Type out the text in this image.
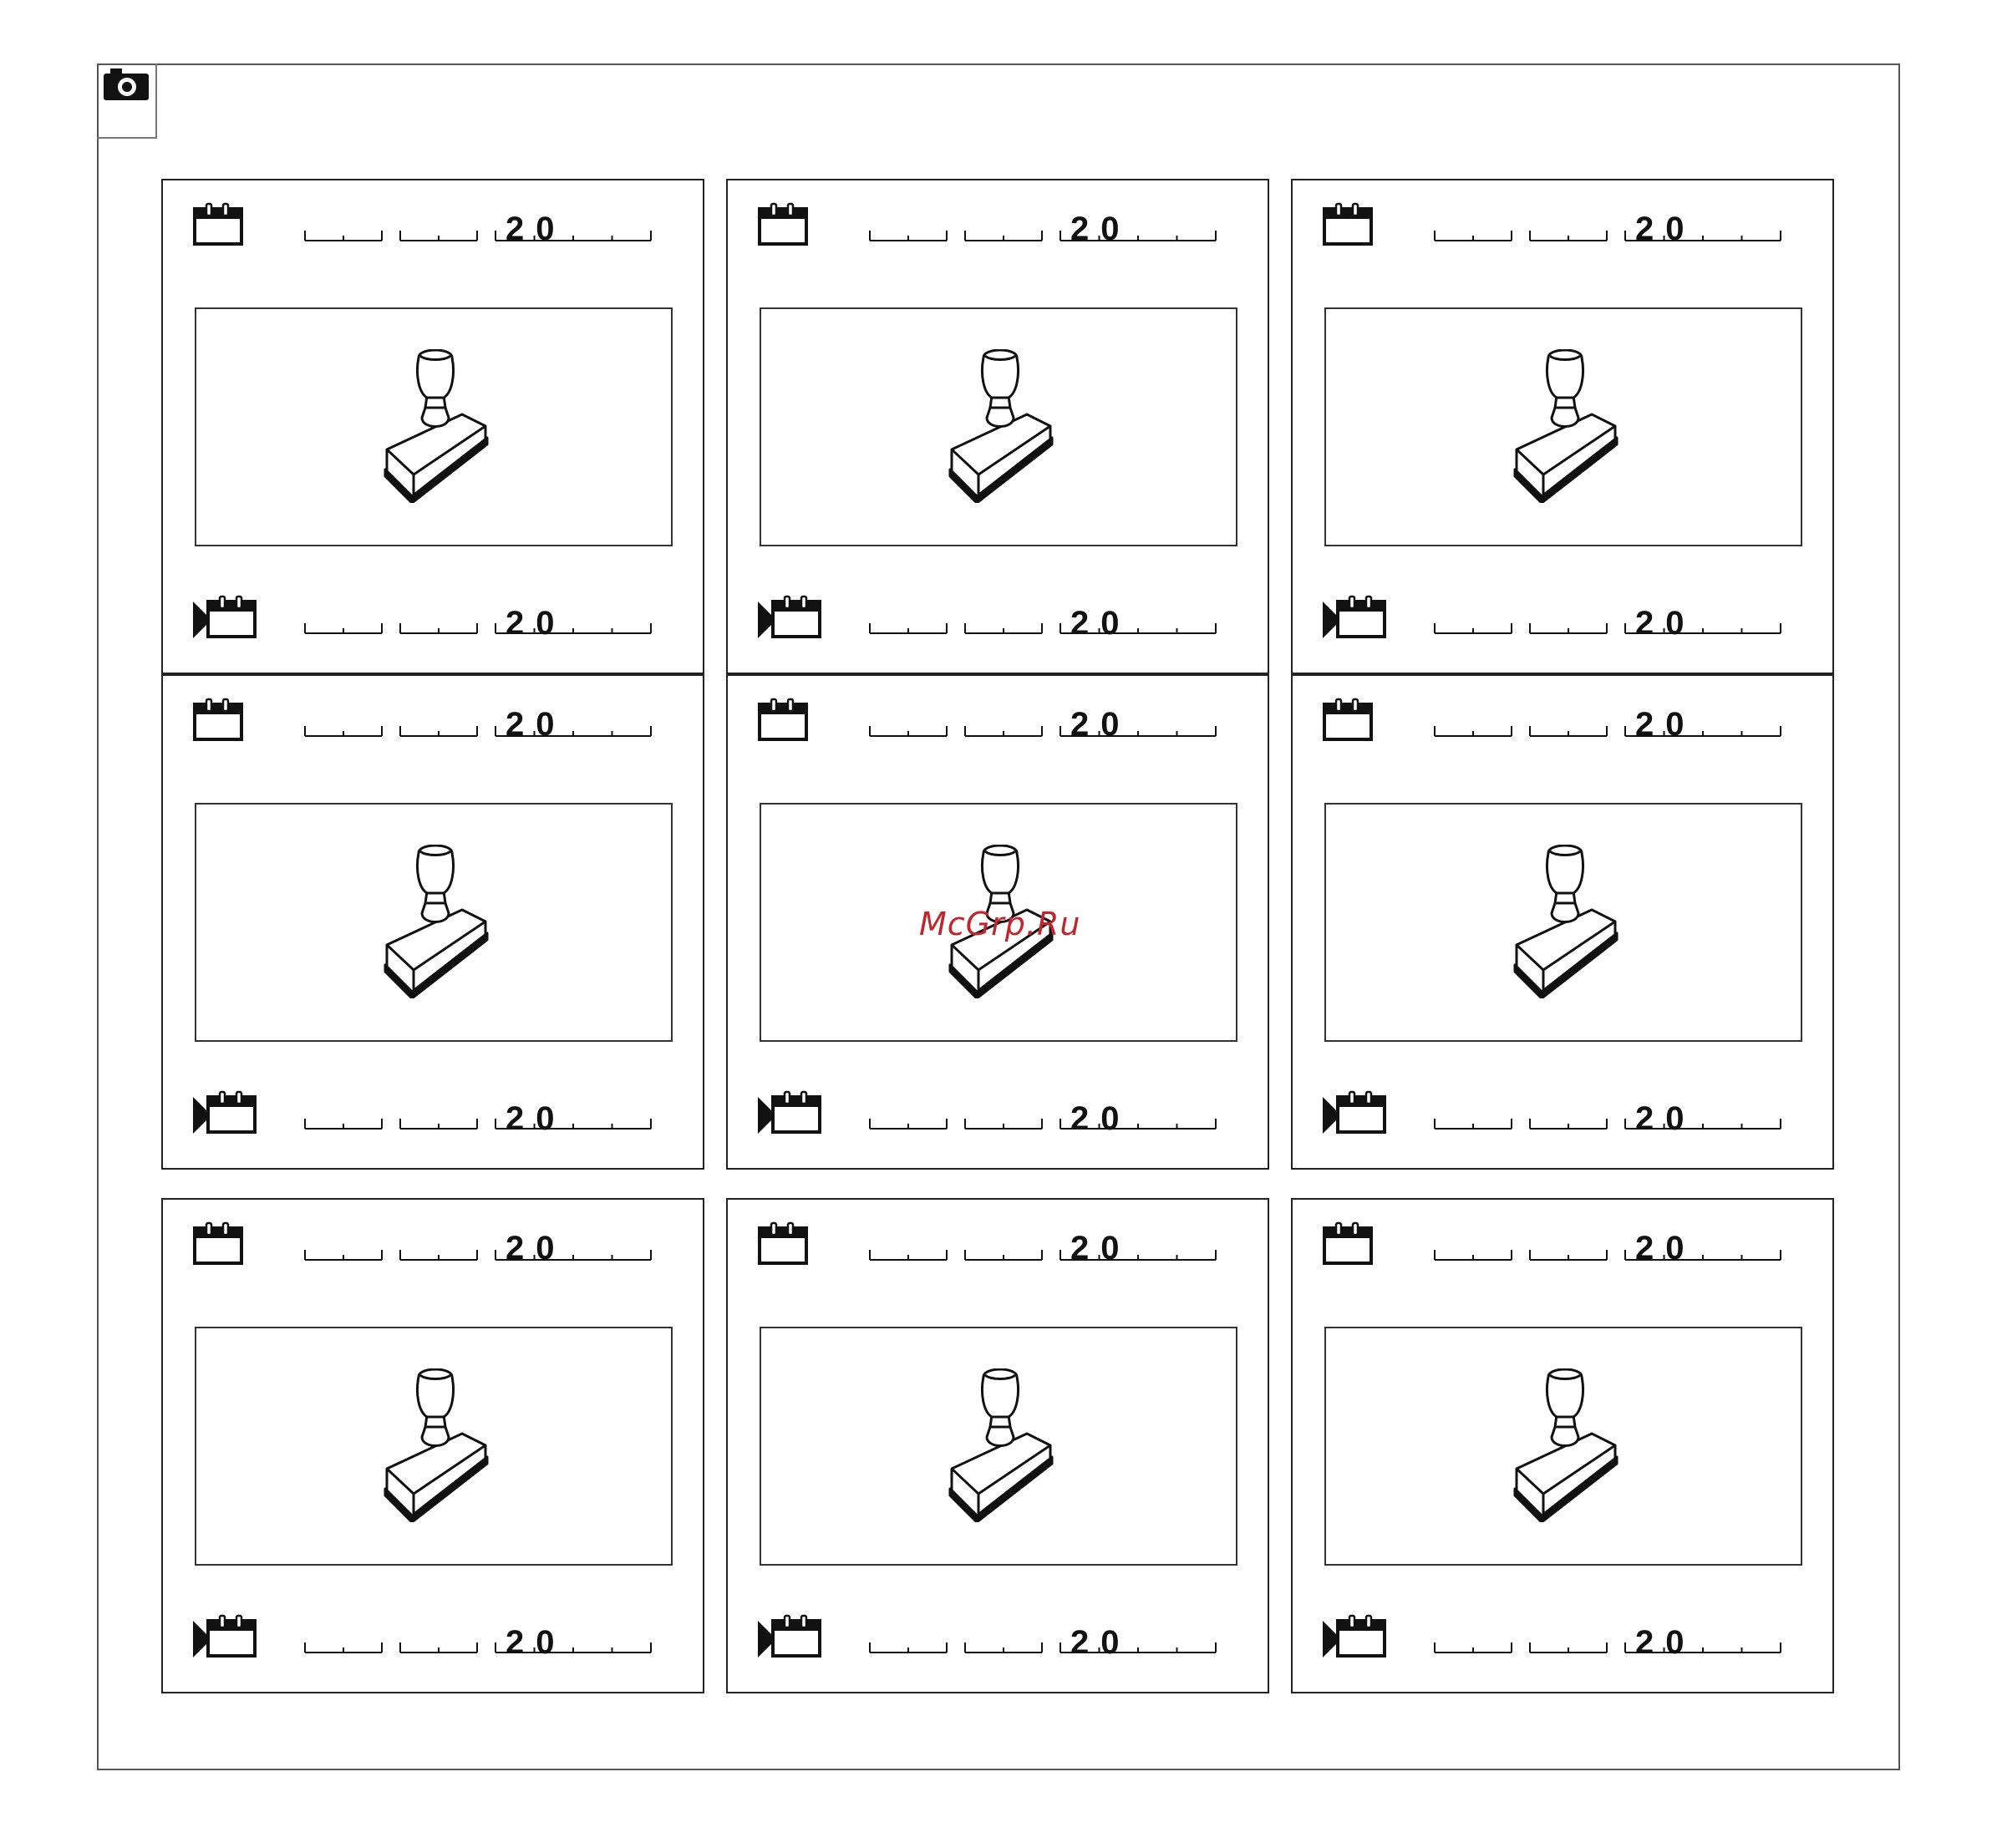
20
20
20
20
20
20
20
20
20
20
20
20
20
20
20
20
20
20
McGrp.Ru
